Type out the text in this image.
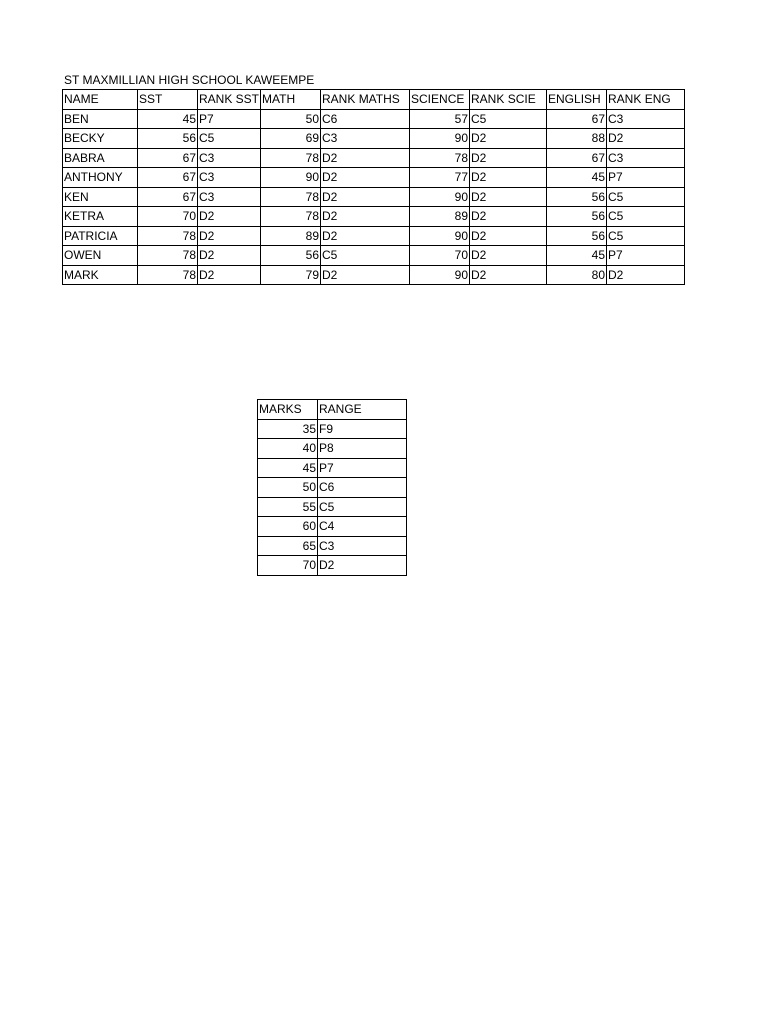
ST MAXMILLIAN HIGH SCHOOL KAWEEMPE
NAME	SST	RANK SST	MATH	RANK MATHS	SCIENCE	RANK SCIE	ENGLISH	RANK ENG
BEN	45	P7	50	C6	57	C5	67	C3
BECKY	56	C5	69	C3	90	D2	88	D2
BABRA	67	C3	78	D2	78	D2	67	C3
ANTHONY	67	C3	90	D2	77	D2	45	P7
KEN	67	C3	78	D2	90	D2	56	C5
KETRA	70	D2	78	D2	89	D2	56	C5
PATRICIA	78	D2	89	D2	90	D2	56	C5
OWEN	78	D2	56	C5	70	D2	45	P7
MARK	78	D2	79	D2	90	D2	80	D2
MARKS	RANGE
35	F9
40	P8
45	P7
50	C6
55	C5
60	C4
65	C3
70	D2
